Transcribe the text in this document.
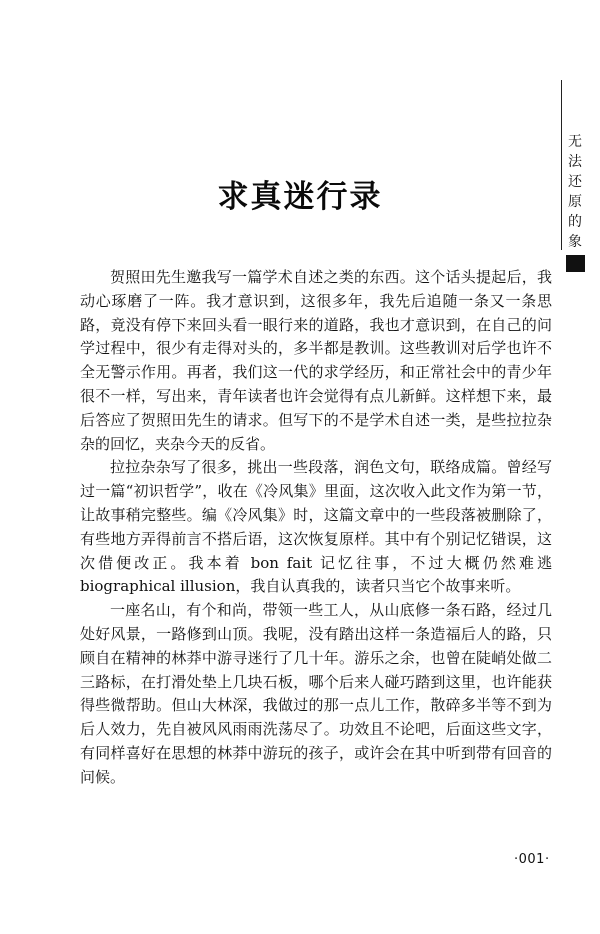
无
法
还
原
的
象
求真迷行录

贺照田先生邀我写一篇学术自述之类的东西。这个话头提起后，我动心琢磨了一阵。我才意识到，这很多年，我先后追随一条又一条思路，竟没有停下来回头看一眼行来的道路，我也才意识到，在自己的问学过程中，很少有走得对头的，多半都是教训。这些教训对后学也许不全无警示作用。再者，我们这一代的求学经历，和正常社会中的青少年很不一样，写出来，青年读者也许会觉得有点儿新鲜。这样想下来，最后答应了贺照田先生的请求。但写下的不是学术自述一类，是些拉拉杂杂的回忆，夹杂今天的反省。

拉拉杂杂写了很多，挑出一些段落，润色文句，联络成篇。曾经写过一篇“初识哲学”，收在《冷风集》里面，这次收入此文作为第一节，让故事稍完整些。编《冷风集》时，这篇文章中的一些段落被删除了，有些地方弄得前言不搭后语，这次恢复原样。其中有个别记忆错误，这次借便改正。我本着 bon fait 记忆往事，不过大概仍然难逃 biographical illusion，我自认真我的，读者只当它个故事来听。

一座名山，有个和尚，带领一些工人，从山底修一条石路，经过几处好风景，一路修到山顶。我呢，没有踏出这样一条造福后人的路，只顾自在精神的林莽中游寻迷行了几十年。游乐之余，也曾在陡峭处做二三路标，在打滑处垫上几块石板，哪个后来人碰巧踏到这里，也许能获得些微帮助。但山大林深，我做过的那一点儿工作，散碎多半等不到为后人效力，先自被风风雨雨洗荡尽了。功效且不论吧，后面这些文字，有同样喜好在思想的林莽中游玩的孩子，或许会在其中听到带有回音的问候。

·001·
